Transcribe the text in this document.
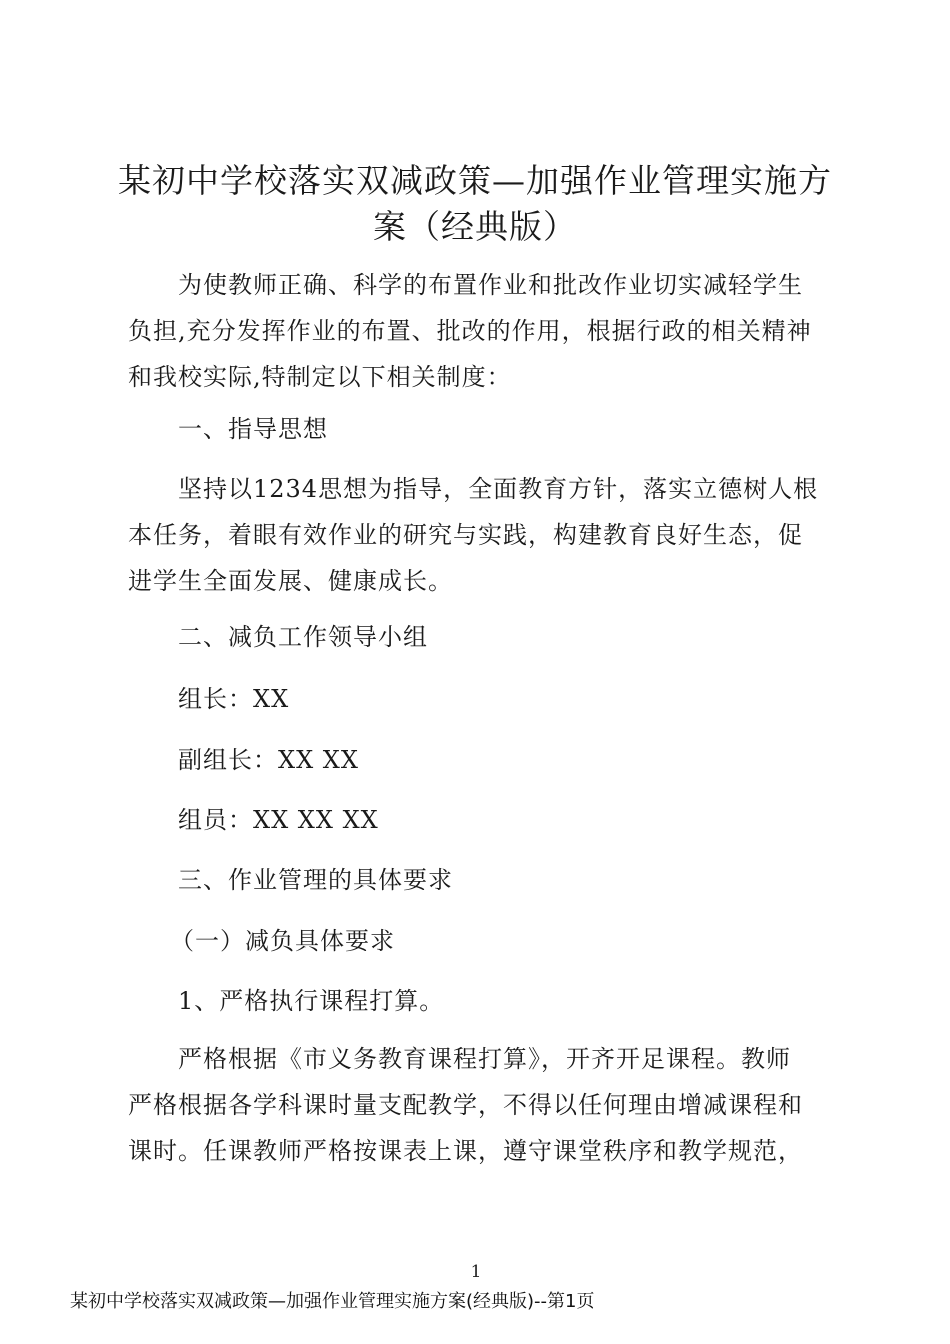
某初中学校落实双减政策—加强作业管理实施方
案（经典版）
为使教师正确、科学的布置作业和批改作业切实减轻学生
负担,充分发挥作业的布置、批改的作用，根据行政的相关精神
和我校实际,特制定以下相关制度：
一、指导思想
坚持以1234思想为指导，全面教育方针，落实立德树人根
本任务，着眼有效作业的研究与实践，构建教育良好生态，促
进学生全面发展、健康成长。
二、减负工作领导小组
组长：XX
副组长：XX XX
组员：XX XX XX
三、作业管理的具体要求
（一）减负具体要求
1、严格执行课程打算。
严格根据《市义务教育课程打算》，开齐开足课程。教师
严格根据各学科课时量支配教学，不得以任何理由增减课程和
课时。任课教师严格按课表上课，遵守课堂秩序和教学规范，
1
某初中学校落实双减政策—加强作业管理实施方案(经典版)--第1页
